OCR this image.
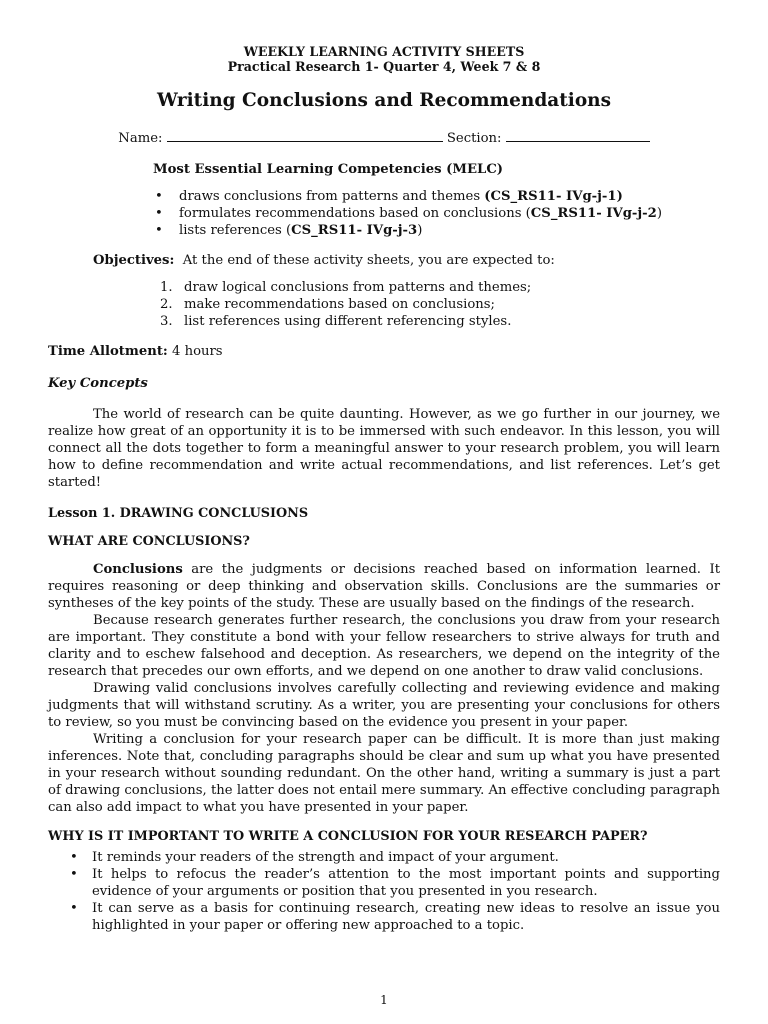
WEEKLY LEARNING ACTIVITY SHEETS
Practical Research 1- Quarter 4, Week 7 & 8
Writing Conclusions and Recommendations
Name:	Section:
Most Essential Learning Competencies (MELC)
• draws conclusions from patterns and themes (CS_RS11- IVg-j-1)
• formulates recommendations based on conclusions (CS_RS11- IVg-j-2)
• lists references (CS_RS11- IVg-j-3)
Objectives: At the end of these activity sheets, you are expected to:
1. draw logical conclusions from patterns and themes;
2. make recommendations based on conclusions;
3. list references using different referencing styles.
Time Allotment: 4 hours
Key Concepts

The world of research can be quite daunting. However, as we go further in our journey, we realize how great of an opportunity it is to be immersed with such endeavor. In this lesson, you will connect all the dots together to form a meaningful answer to your research problem, you will learn how to define recommendation and write actual recommendations, and list references. Let’s get started!

Lesson 1. DRAWING CONCLUSIONS
WHAT ARE CONCLUSIONS?

Conclusions are the judgments or decisions reached based on information learned. It requires reasoning or deep thinking and observation skills. Conclusions are the summaries or syntheses of the key points of the study. These are usually based on the findings of the research.

Because research generates further research, the conclusions you draw from your research are important. They constitute a bond with your fellow researchers to strive always for truth and clarity and to eschew falsehood and deception. As researchers, we depend on the integrity of the research that precedes our own efforts, and we depend on one another to draw valid conclusions.

Drawing valid conclusions involves carefully collecting and reviewing evidence and making judgments that will withstand scrutiny. As a writer, you are presenting your conclusions for others to review, so you must be convincing based on the evidence you present in your paper.

Writing a conclusion for your research paper can be difficult. It is more than just making inferences. Note that, concluding paragraphs should be clear and sum up what you have presented in your research without sounding redundant. On the other hand, writing a summary is just a part of drawing conclusions, the latter does not entail mere summary. An effective concluding paragraph can also add impact to what you have presented in your paper.

WHY IS IT IMPORTANT TO WRITE A CONCLUSION FOR YOUR RESEARCH PAPER?
• It reminds your readers of the strength and impact of your argument.
• It helps to refocus the reader’s attention to the most important points and supporting evidence of your arguments or position that you presented in you research.
• It can serve as a basis for continuing research, creating new ideas to resolve an issue you highlighted in your paper or offering new approached to a topic.
1
